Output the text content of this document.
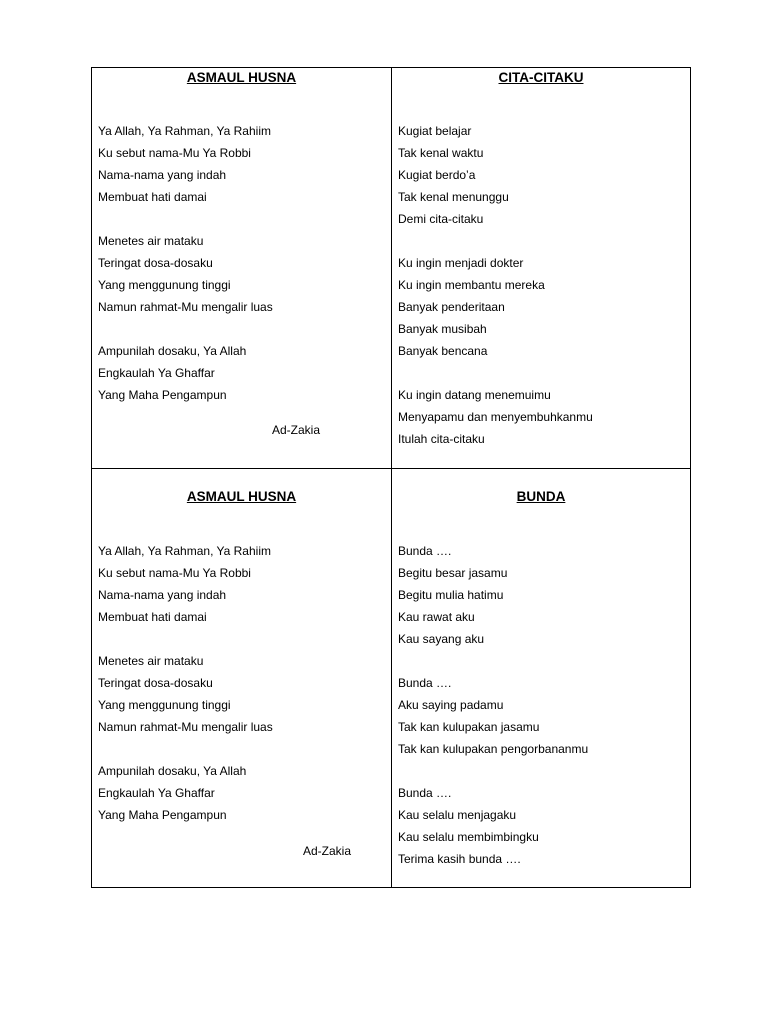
ASMAUL HUSNA
Ya Allah, Ya Rahman, Ya Rahiim
Ku sebut nama-Mu Ya Robbi
Nama-nama yang indah
Membuat hati damai
Menetes air mataku
Teringat dosa-dosaku
Yang menggunung tinggi
Namun rahmat-Mu mengalir luas
Ampunilah dosaku, Ya Allah
Engkaulah Ya Ghaffar
Yang Maha Pengampun
Ad-Zakia
CITA-CITAKU
Kugiat belajar
Tak kenal waktu
Kugiat berdo’a
Tak kenal menunggu
Demi cita-citaku
Ku ingin menjadi dokter
Ku ingin membantu mereka
Banyak penderitaan
Banyak musibah
Banyak bencana
Ku ingin datang menemuimu
Menyapamu dan menyembuhkanmu
Itulah cita-citaku
ASMAUL HUSNA
Ya Allah, Ya Rahman, Ya Rahiim
Ku sebut nama-Mu Ya Robbi
Nama-nama yang indah
Membuat hati damai
Menetes air mataku
Teringat dosa-dosaku
Yang menggunung tinggi
Namun rahmat-Mu mengalir luas
Ampunilah dosaku, Ya Allah
Engkaulah Ya Ghaffar
Yang Maha Pengampun
Ad-Zakia
BUNDA
Bunda ….
Begitu besar jasamu
Begitu mulia hatimu
Kau rawat aku
Kau sayang aku
Bunda ….
Aku saying padamu
Tak kan kulupakan jasamu
Tak kan kulupakan pengorbananmu
Bunda ….
Kau selalu menjagaku
Kau selalu membimbingku
Terima kasih bunda ….
